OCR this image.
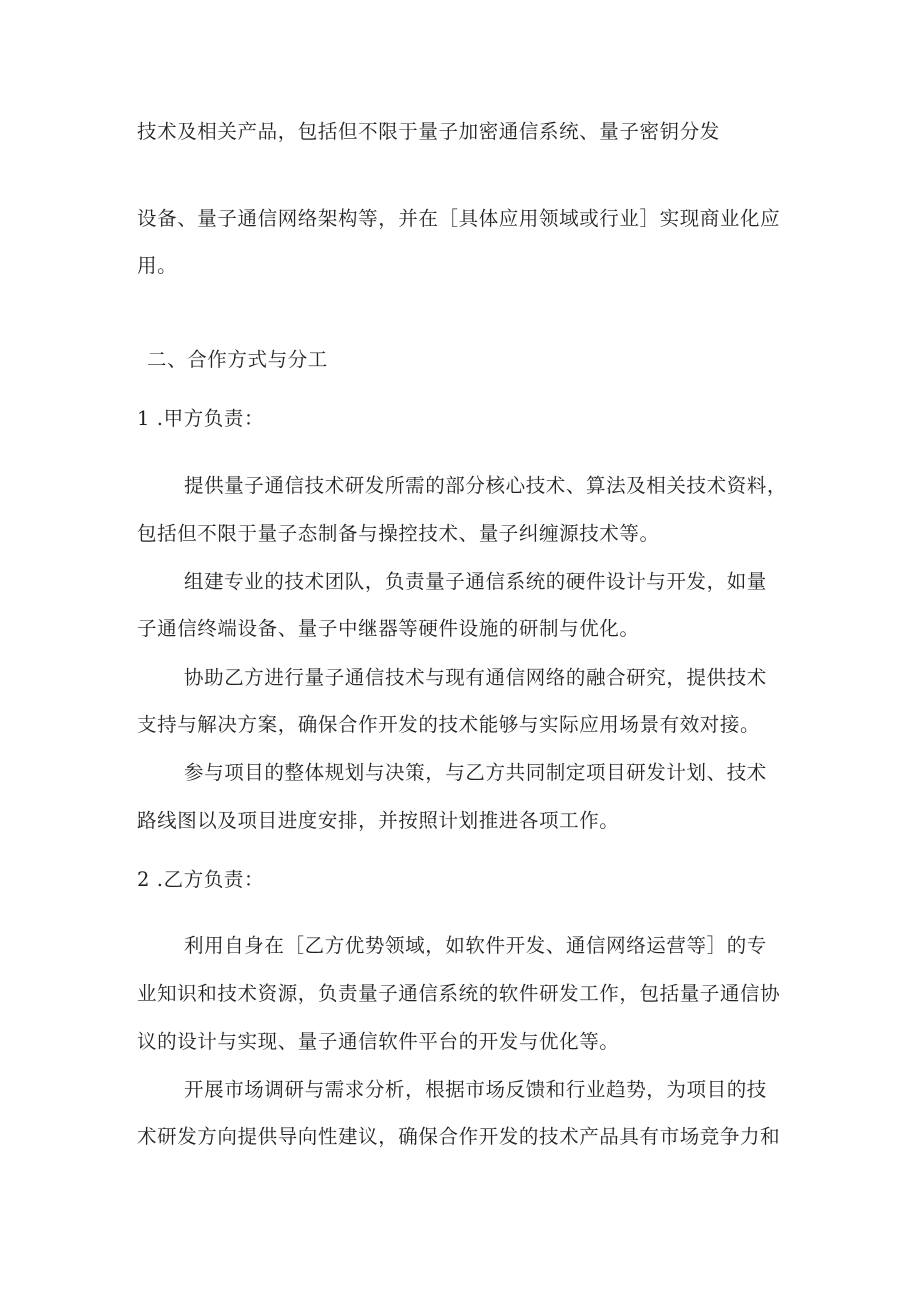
技术及相关产品，包括但不限于量子加密通信系统、量子密钥分发
设备、量子通信网络架构等，并在［具体应用领域或行业］实现商业化应
用。
二、合作方式与分工
1 .甲方负责：
提供量子通信技术研发所需的部分核心技术、算法及相关技术资料，
包括但不限于量子态制备与操控技术、量子纠缠源技术等。
组建专业的技术团队，负责量子通信系统的硬件设计与开发，如量
子通信终端设备、量子中继器等硬件设施的研制与优化。
协助乙方进行量子通信技术与现有通信网络的融合研究，提供技术
支持与解决方案，确保合作开发的技术能够与实际应用场景有效对接。
参与项目的整体规划与决策，与乙方共同制定项目研发计划、技术
路线图以及项目进度安排，并按照计划推进各项工作。
2 .乙方负责：
利用自身在［乙方优势领域，如软件开发、通信网络运营等］的专
业知识和技术资源，负责量子通信系统的软件研发工作，包括量子通信协
议的设计与实现、量子通信软件平台的开发与优化等。
开展市场调研与需求分析，根据市场反馈和行业趋势，为项目的技
术研发方向提供导向性建议，确保合作开发的技术产品具有市场竞争力和
